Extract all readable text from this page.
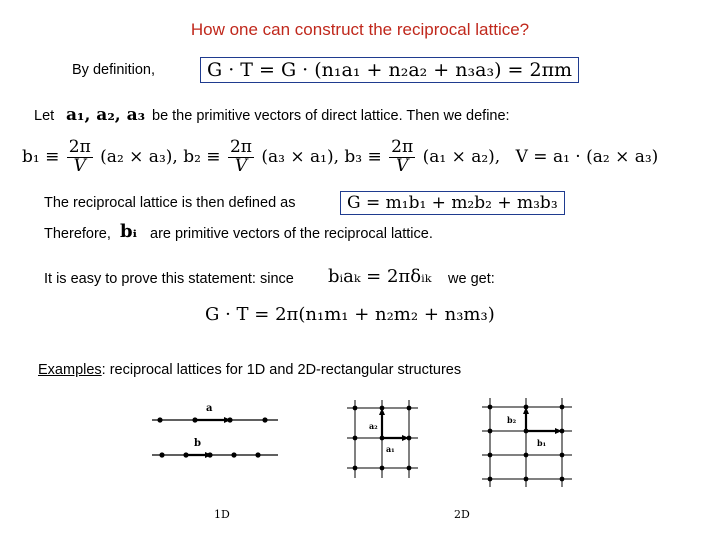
How one can construct the reciprocal lattice?
By definition,	G · T = G · (n₁a₁ + n₂a₂ + n₃a₃) = 2πm
Let a₁, a₂, a₃ be the primitive vectors of direct lattice. Then we define:
$b_1 \equiv \frac{2\pi}{V} (a_2 \times a_3)$, $b_2 \equiv \frac{2\pi}{V} (a_3 \times a_1)$, $b_3 \equiv \frac{2\pi}{V} (a_1 \times a_2)$, V = a₁ · (a₂ × a₃)
The reciprocal lattice is then defined as	G = m₁b₁ + m₂b₂ + m₃b₃
Therefore, bᵢ are primitive vectors of the reciprocal lattice.
It is easy to prove this statement: since bᵢaₖ = 2πδᵢₖ we get:
G · T = 2π(n₁m₁ + n₂m₂ + n₃m₃)
Examples: reciprocal lattices for 1D and 2D-rectangular structures
a
b
1D
a₂
a₁
b₂
b₁
2D
